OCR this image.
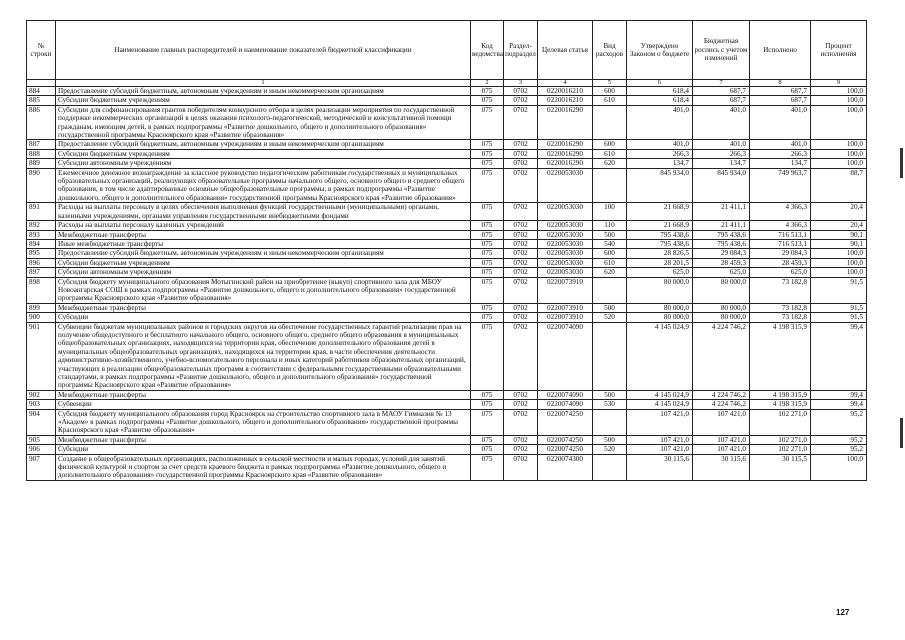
№ строки	Наименование главных распорядителей и наименование показателей бюджетной классификации	Код ведомства	Раздел-подраздел	Целевая статья	Вид расходов	Утверждено Законом о бюджете	Бюджетная роспись с учетом изменений	Исполнено	Процент исполнения
	1	2	3	4	5	6	7	8	9
884	Предоставление субсидий бюджетным, автономным учреждениям и иным некоммерческим организациям	075	0702	0220016210	600	618,4	687,7	687,7	100,0
885	Субсидии бюджетным учреждениям	075	0702	0220016210	610	618,4	687,7	687,7	100,0
886	Субсидии для софинансирования грантов победителям конкурсного отбора в целях реализации мероприятия по государственной поддержке некоммерческих организаций в целях оказания психолого-педагогической, методической и консультативной помощи гражданам, имеющим детей, в рамках подпрограммы «Развитие дошкольного, общего и дополнительного образования» государственной программы Красноярского края «Развитие образования»	075	0702	0220016290		401,0	401,0	401,0	100,0
887	Предоставление субсидий бюджетным, автономным учреждениям и иным некоммерческим организациям	075	0702	0220016290	600	401,0	401,0	401,0	100,0
888	Субсидии бюджетным учреждениям	075	0702	0220016290	610	266,3	266,3	266,3	100,0
889	Субсидии автономным учреждениям	075	0702	0220016290	620	134,7	134,7	134,7	100,0
890	Ежемесячное денежное вознаграждение за классное руководство педагогическим работникам государственных и муниципальных образовательных организаций, реализующих образовательные программы начального общего, основного общего и среднего общего образования, в том числе адаптированные основные общеобразовательные программы, в рамках подпрограммы «Развитие дошкольного, общего и дополнительного образования» государственной программы Красноярского края «Развитие образования»	075	0702	0220053030		845 934,0	845 934,0	749 963,7	88,7
891	Расходы на выплаты персоналу в целях обеспечения выполнения функций государственными (муниципальными) органами, казенными учреждениями, органами управления государственными внебюджетными фондами	075	0702	0220053030	100	21 668,9	21 411,1	4 366,3	20,4
892	Расходы на выплаты персоналу казенных учреждений	075	0702	0220053030	110	21 668,9	21 411,1	4 366,3	20,4
893	Межбюджетные трансферты	075	0702	0220053030	500	795 438,6	795 438,6	716 513,1	90,1
894	Иные межбюджетные трансферты	075	0702	0220053030	540	795 438,6	795 438,6	716 513,1	90,1
895	Предоставление субсидий бюджетным, автономным учреждениям и иным некоммерческим организациям	075	0702	0220053030	600	28 826,5	29 084,3	29 084,3	100,0
896	Субсидии бюджетным учреждениям	075	0702	0220053030	610	28 201,5	28 459,3	28 459,3	100,0
897	Субсидии автономным учреждениям	075	0702	0220053030	620	625,0	625,0	625,0	100,0
898	Субсидия бюджету муниципального образования Мотыгинский район на приобретение (выкуп) спортивного зала для МБОУ Новоангарская СОШ в рамках подпрограммы «Развитие дошкольного, общего и дополнительного образования» государственной программы Красноярского края «Развитие образования»	075	0702	0220073910		80 000,0	80 000,0	73 182,8	91,5
899	Межбюджетные трансферты	075	0702	0220073910	500	80 000,0	80 000,0	73 182,8	91,5
900	Субсидии	075	0702	0220073910	520	80 000,0	80 000,0	73 182,8	91,5
901	Субвенции бюджетам муниципальных районов и городских округов на обеспечение государственных гарантий реализации прав на получение общедоступного и бесплатного начального общего, основного общего, среднего общего образования в муниципальных общеобразовательных организациях, находящихся на территории края, обеспечение дополнительного образования детей в муниципальных общеобразовательных организациях, находящихся на территории края, в части обеспечения деятельности административно-хозяйственного, учебно-вспомогательного персонала и иных категорий работников образовательных организаций, участвующих в реализации общеобразовательных программ в соответствии с федеральными государственными образовательными стандартами, в рамках подпрограммы «Развитие дошкольного, общего и дополнительного образования» государственной программы Красноярского края «Развитие образования»	075	0702	0220074090		4 145 024,9	4 224 746,2	4 198 315,9	99,4
902	Межбюджетные трансферты	075	0702	0220074090	500	4 145 024,9	4 224 746,2	4 198 315,9	99,4
903	Субвенции	075	0702	0220074090	530	4 145 024,9	4 224 746,2	4 198 315,9	99,4
904	Субсидия бюджету муниципального образования город Красноярск на строительство спортивного зала в МАОУ Гимназия № 13 «Академ» в рамках подпрограммы «Развитие дошкольного, общего и дополнительного образования» государственной программы Красноярского края «Развитие образования»	075	0702	0220074250		107 421,0	107 421,0	102 271,0	95,2
905	Межбюджетные трансферты	075	0702	0220074250	500	107 421,0	107 421,0	102 271,0	95,2
906	Субсидии	075	0702	0220074250	520	107 421,0	107 421,0	102 271,0	95,2
907	Создание в общеобразовательных организациях, расположенных в сельской местности и малых городах, условий для занятий физической культурой и спортом за счет средств краевого бюджета в рамках подпрограммы «Развитие дошкольного, общего и дополнительного образования» государственной программы Красноярского края «Развитие образования»	075	0702	0220074300		30 115,6	30 115,6	30 115,5	100,0
127
